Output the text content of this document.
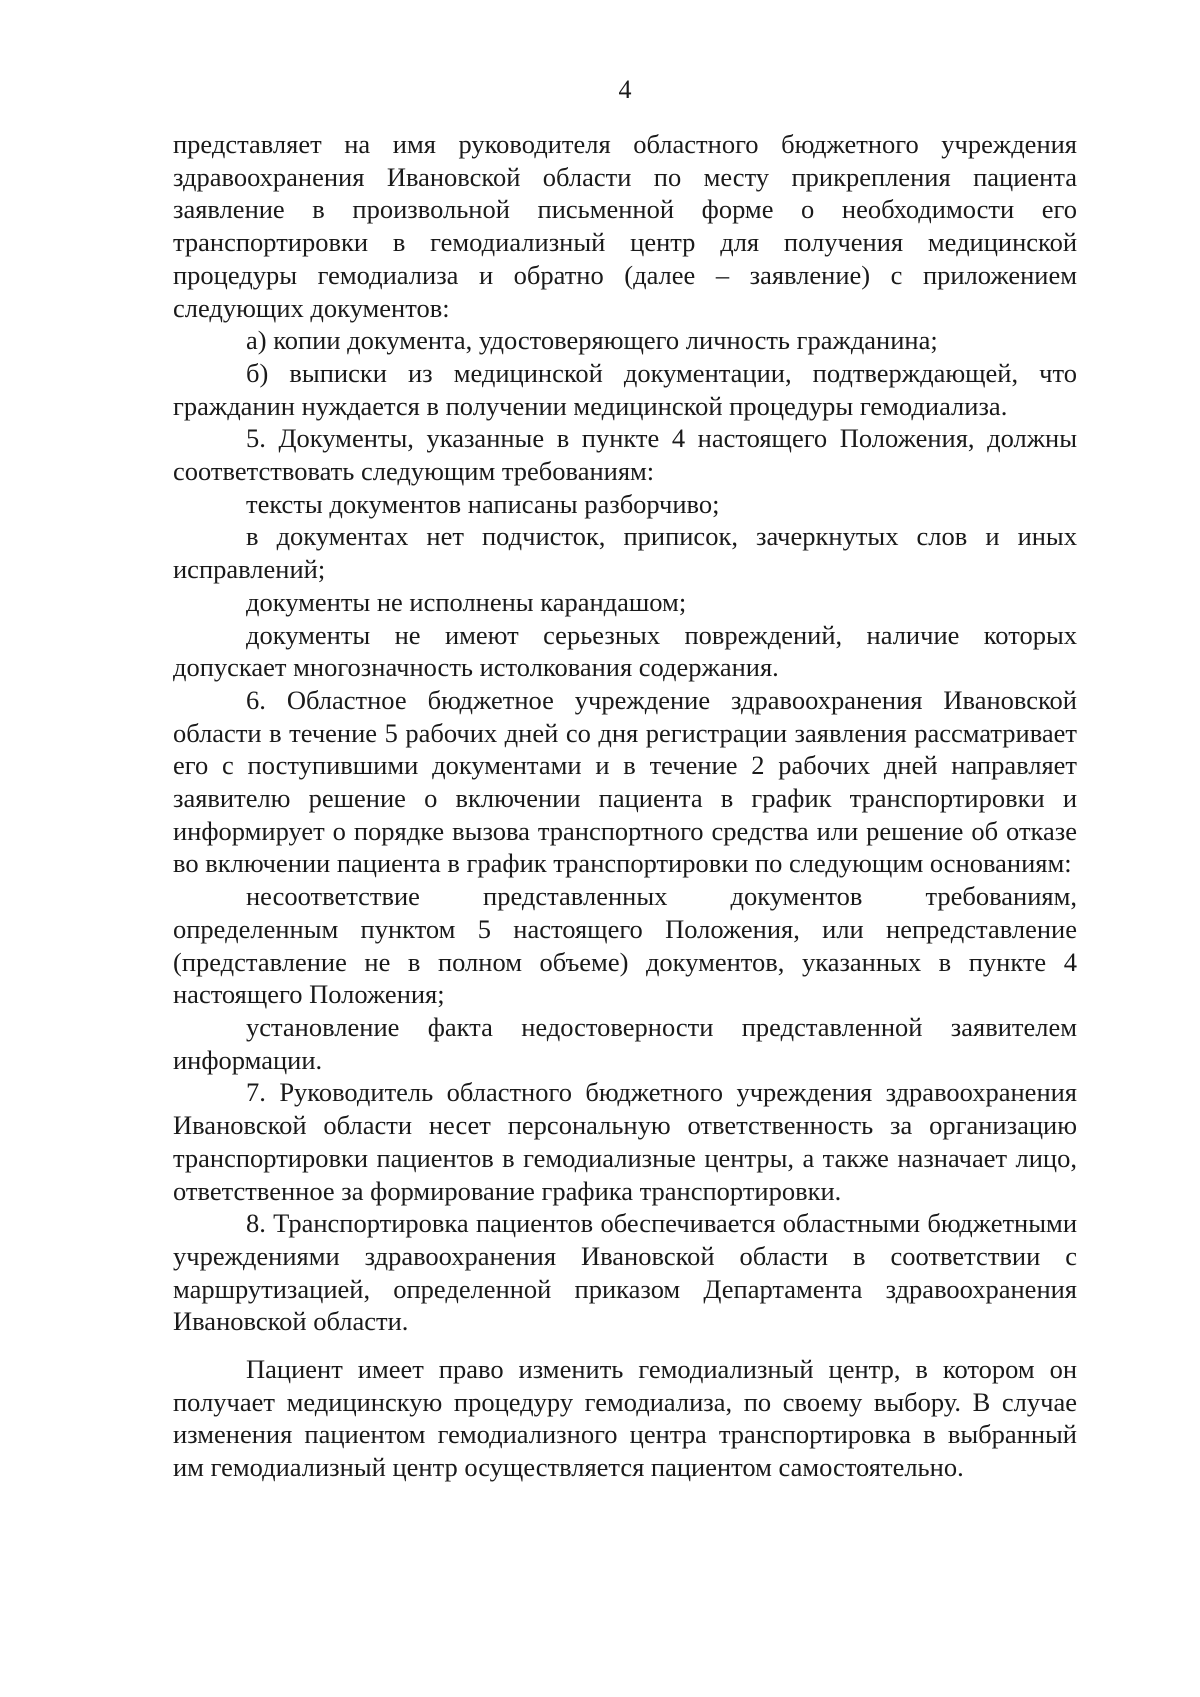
4

представляет на имя руководителя областного бюджетного учреждения здравоохранения Ивановской области по месту прикрепления пациента заявление в произвольной письменной форме о необходимости его транспортировки в гемодиализный центр для получения медицинской процедуры гемодиализа и обратно (далее – заявление) с приложением следующих документов:

а) копии документа, удостоверяющего личность гражданина;

б) выписки из медицинской документации, подтверждающей, что гражданин нуждается в получении медицинской процедуры гемодиализа.

5. Документы, указанные в пункте 4 настоящего Положения, должны соответствовать следующим требованиям:

тексты документов написаны разборчиво;

в документах нет подчисток, приписок, зачеркнутых слов и иных исправлений;

документы не исполнены карандашом;

документы не имеют серьезных повреждений, наличие которых допускает многозначность истолкования содержания.

6. Областное бюджетное учреждение здравоохранения Ивановской области в течение 5 рабочих дней со дня регистрации заявления рассматривает его с поступившими документами и в течение 2 рабочих дней направляет заявителю решение о включении пациента в график транспортировки и информирует о порядке вызова транспортного средства или решение об отказе во включении пациента в график транспортировки по следующим основаниям:

несоответствие представленных документов требованиям, определенным пунктом 5 настоящего Положения, или непредставление (представление не в полном объеме) документов, указанных в пункте 4 настоящего Положения;

установление факта недостоверности представленной заявителем информации.

7. Руководитель областного бюджетного учреждения здравоохранения Ивановской области несет персональную ответственность за организацию транспортировки пациентов в гемодиализные центры, а также назначает лицо, ответственное за формирование графика транспортировки.

8. Транспортировка пациентов обеспечивается областными бюджетными учреждениями здравоохранения Ивановской области в соответствии с маршрутизацией, определенной приказом Департамента здравоохранения Ивановской области.

Пациент имеет право изменить гемодиализный центр, в котором он получает медицинскую процедуру гемодиализа, по своему выбору. В случае изменения пациентом гемодиализного центра транспортировка в выбранный им гемодиализный центр осуществляется пациентом самостоятельно.
